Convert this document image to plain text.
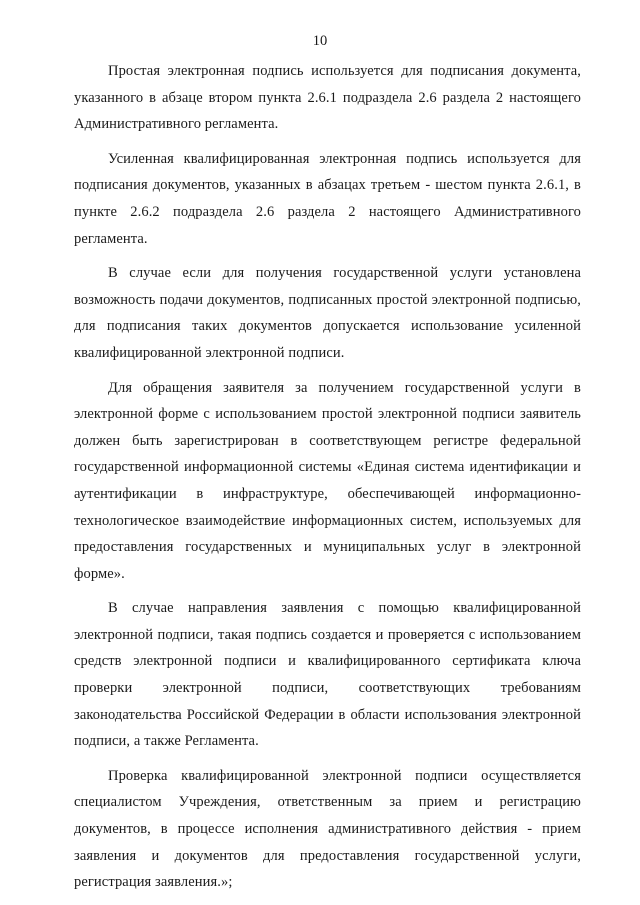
10

Простая электронная подпись используется для подписания документа, указанного в абзаце втором пункта 2.6.1 подраздела 2.6 раздела 2 настоящего Административного регламента.

Усиленная квалифицированная электронная подпись используется для подписания документов, указанных в абзацах третьем - шестом пункта 2.6.1, в пункте 2.6.2 подраздела 2.6 раздела 2 настоящего Административного регламента.

В случае если для получения государственной услуги установлена возможность подачи документов, подписанных простой электронной подписью, для подписания таких документов допускается использование усиленной квалифицированной электронной подписи.

Для обращения заявителя за получением государственной услуги в электронной форме с использованием простой электронной подписи заявитель должен быть зарегистрирован в соответствующем регистре федеральной государственной информационной системы «Единая система идентификации и аутентификации в инфраструктуре, обеспечивающей информационно-технологическое взаимодействие информационных систем, используемых для предоставления государственных и муниципальных услуг в электронной форме».

В случае направления заявления с помощью квалифицированной электронной подписи, такая подпись создается и проверяется с использованием средств электронной подписи и квалифицированного сертификата ключа проверки электронной подписи, соответствующих требованиям законодательства Российской Федерации в области использования электронной подписи, а также Регламента.

Проверка квалифицированной электронной подписи осуществляется специалистом Учреждения, ответственным за прием и регистрацию документов, в процессе исполнения административного действия - прием заявления и документов для предоставления государственной услуги, регистрация заявления.»;
